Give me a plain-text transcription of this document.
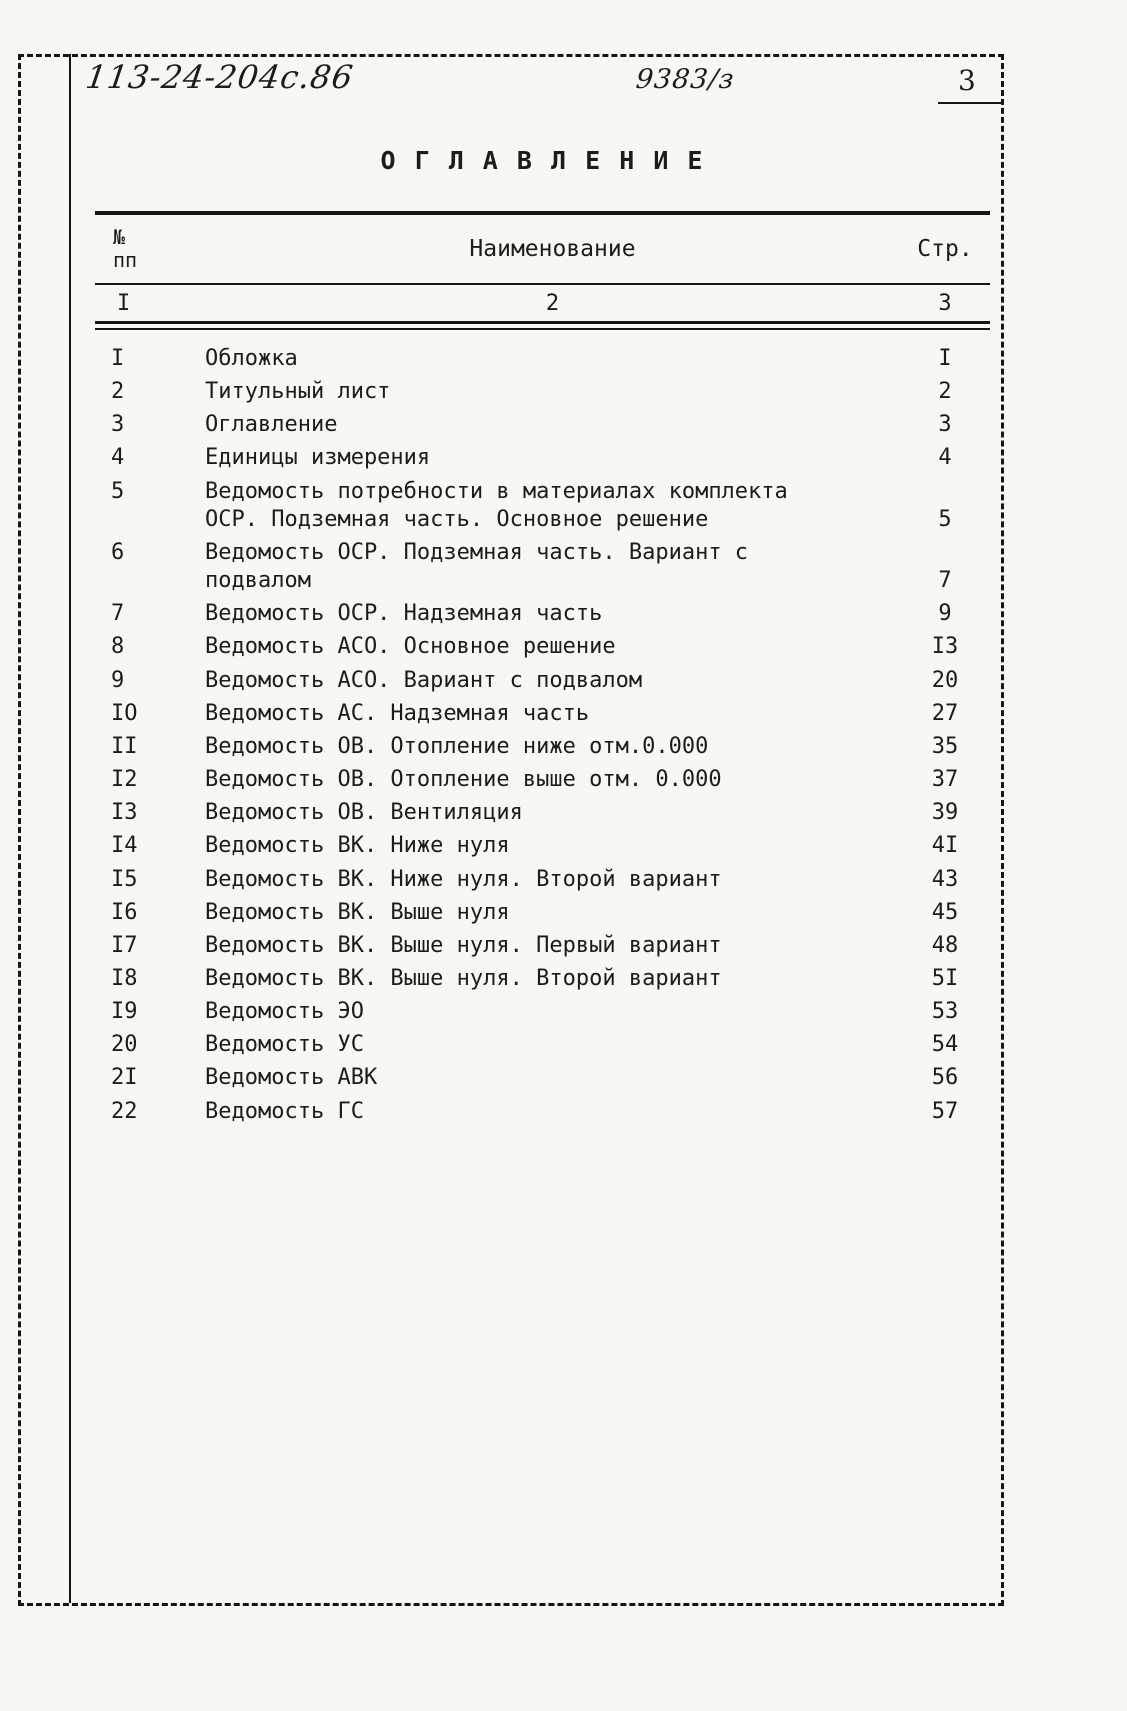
113-24-204c.86	9383/з	3
О Г Л А В Л Е Н И Е
№
пп	Наименование	Стр.
I	2	3
I	Обложка	I
2	Титульный лист	2
3	Оглавление	3
4	Единицы измерения	4
5	Ведомость потребности в материалах комплекта ОСР. Подземная часть. Основное решение	5
6	Ведомость ОСР. Подземная часть. Вариант с подвалом	7
7	Ведомость ОСР. Надземная часть	9
8	Ведомость АСО. Основное решение	I3
9	Ведомость АСО. Вариант с подвалом	20
IO	Ведомость АС. Надземная часть	27
II	Ведомость ОВ. Отопление ниже отм.0.000	35
I2	Ведомость ОВ. Отопление выше отм. 0.000	37
I3	Ведомость ОВ. Вентиляция	39
I4	Ведомость ВК. Ниже нуля	4I
I5	Ведомость ВК. Ниже нуля. Второй вариант	43
I6	Ведомость ВК. Выше нуля	45
I7	Ведомость ВК. Выше нуля. Первый вариант	48
I8	Ведомость ВК. Выше нуля. Второй вариант	5I
I9	Ведомость ЭО	53
20	Ведомость УС	54
2I	Ведомость АВК	56
22	Ведомость ГС	57
